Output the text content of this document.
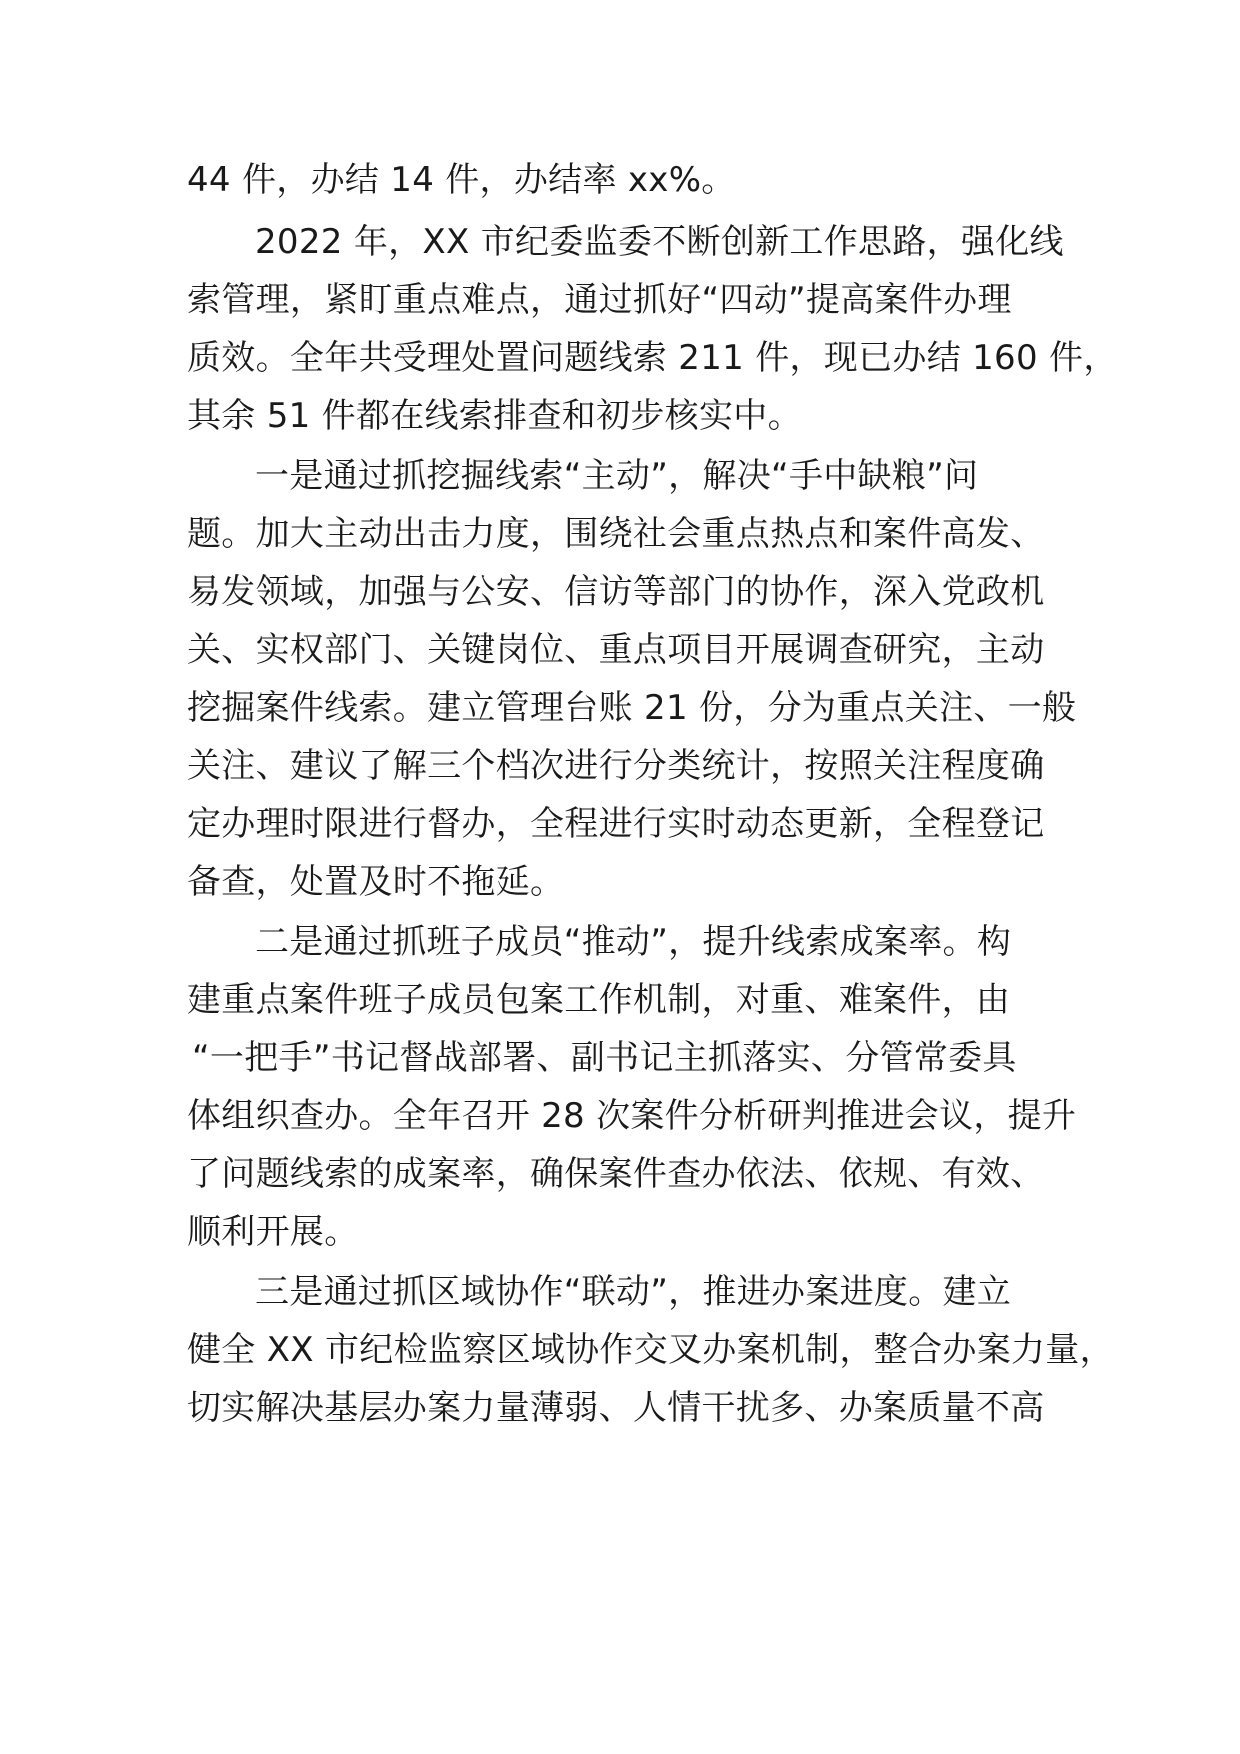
44 件，办结 14 件，办结率 xx%。
2022 年，XX 市纪委监委不断创新工作思路，强化线
索管理，紧盯重点难点，通过抓好“四动”提高案件办理
质效。全年共受理处置问题线索 211 件，现已办结 160 件，
其余 51 件都在线索排查和初步核实中。
一是通过抓挖掘线索“主动”，解决“手中缺粮”问
题。加大主动出击力度，围绕社会重点热点和案件高发、
易发领域，加强与公安、信访等部门的协作，深入党政机
关、实权部门、关键岗位、重点项目开展调查研究，主动
挖掘案件线索。建立管理台账 21 份，分为重点关注、一般
关注、建议了解三个档次进行分类统计，按照关注程度确
定办理时限进行督办，全程进行实时动态更新，全程登记
备查，处置及时不拖延。
二是通过抓班子成员“推动”，提升线索成案率。构
建重点案件班子成员包案工作机制，对重、难案件，由
“一把手”书记督战部署、副书记主抓落实、分管常委具
体组织查办。全年召开 28 次案件分析研判推进会议，提升
了问题线索的成案率，确保案件查办依法、依规、有效、
顺利开展。
三是通过抓区域协作“联动”，推进办案进度。建立
健全 XX 市纪检监察区域协作交叉办案机制，整合办案力量，
切实解决基层办案力量薄弱、人情干扰多、办案质量不高
